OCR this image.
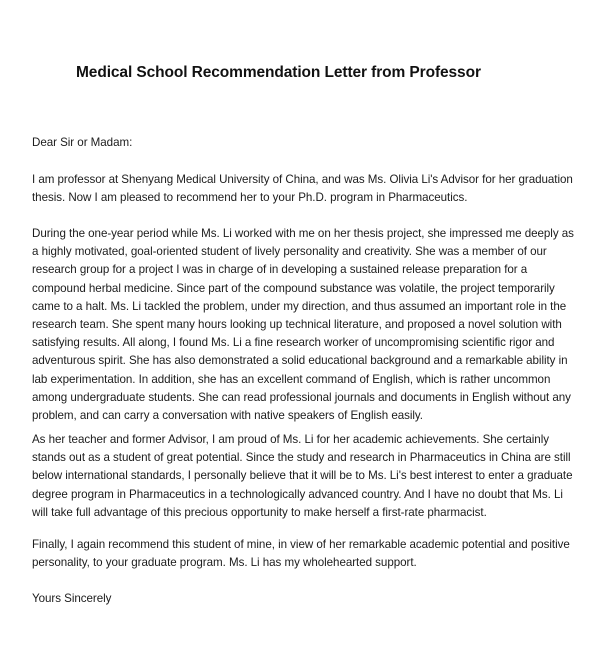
Medical School Recommendation Letter from Professor

Dear Sir or Madam:

I am professor at Shenyang Medical University of China, and was Ms. Olivia Li's Advisor for her graduation thesis. Now I am pleased to recommend her to your Ph.D. program in Pharmaceutics.

During the one-year period while Ms. Li worked with me on her thesis project, she impressed me deeply as a highly motivated, goal-oriented student of lively personality and creativity. She was a member of our research group for a project I was in charge of in developing a sustained release preparation for a compound herbal medicine. Since part of the compound substance was volatile, the project temporarily came to a halt. Ms. Li tackled the problem, under my direction, and thus assumed an important role in the research team. She spent many hours looking up technical literature, and proposed a novel solution with satisfying results. All along, I found Ms. Li a fine research worker of uncompromising scientific rigor and adventurous spirit. She has also demonstrated a solid educational background and a remarkable ability in lab experimentation. In addition, she has an excellent command of English, which is rather uncommon among undergraduate students. She can read professional journals and documents in English without any problem, and can carry a conversation with native speakers of English easily.

As her teacher and former Advisor, I am proud of Ms. Li for her academic achievements. She certainly stands out as a student of great potential. Since the study and research in Pharmaceutics in China are still below international standards, I personally believe that it will be to Ms. Li's best interest to enter a graduate degree program in Pharmaceutics in a technologically advanced country. And I have no doubt that Ms. Li will take full advantage of this precious opportunity to make herself a first-rate pharmacist.

Finally, I again recommend this student of mine, in view of her remarkable academic potential and positive personality, to your graduate program. Ms. Li has my wholehearted support.

Yours Sincerely
